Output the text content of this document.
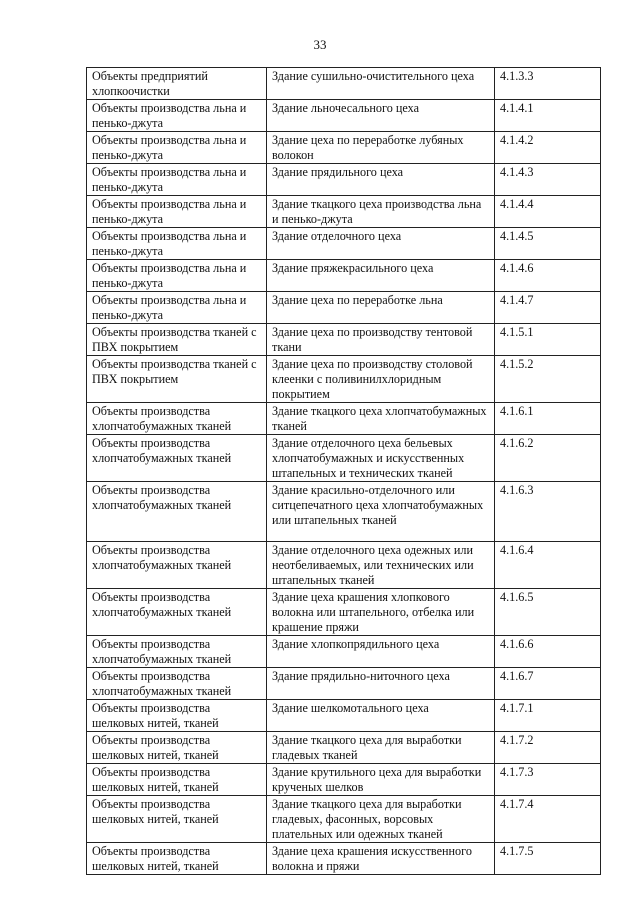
33
Объекты предприятий хлопкоочистки	Здание сушильно-очистительного цеха	4.1.3.3
Объекты производства льна и пенько-джута	Здание льночесального цеха	4.1.4.1
Объекты производства льна и пенько-джута	Здание цеха по переработке лубяных волокон	4.1.4.2
Объекты производства льна и пенько-джута	Здание прядильного цеха	4.1.4.3
Объекты производства льна и пенько-джута	Здание ткацкого цеха производства льна и пенько-джута	4.1.4.4
Объекты производства льна и пенько-джута	Здание отделочного цеха	4.1.4.5
Объекты производства льна и пенько-джута	Здание пряжекрасильного цеха	4.1.4.6
Объекты производства льна и пенько-джута	Здание цеха по переработке льна	4.1.4.7
Объекты производства тканей с ПВХ покрытием	Здание цеха по производству тентовой ткани	4.1.5.1
Объекты производства тканей с ПВХ покрытием	Здание цеха по производству столовой клеенки с поливинилхлоридным покрытием	4.1.5.2
Объекты производства хлопчатобумажных тканей	Здание ткацкого цеха хлопчатобумажных тканей	4.1.6.1
Объекты производства хлопчатобумажных тканей	Здание отделочного цеха бельевых хлопчатобумажных и искусственных штапельных и технических тканей	4.1.6.2
Объекты производства хлопчатобумажных тканей	Здание красильно-отделочного или ситцепечатного цеха хлопчатобумажных или штапельных тканей	4.1.6.3
Объекты производства хлопчатобумажных тканей	Здание отделочного цеха одежных или неотбеливаемых, или технических или штапельных тканей	4.1.6.4
Объекты производства хлопчатобумажных тканей	Здание цеха крашения хлопкового волокна или штапельного, отбелка или крашение пряжи	4.1.6.5
Объекты производства хлопчатобумажных тканей	Здание хлопкопрядильного цеха	4.1.6.6
Объекты производства хлопчатобумажных тканей	Здание прядильно-ниточного цеха	4.1.6.7
Объекты производства шелковых нитей, тканей	Здание шелкомотального цеха	4.1.7.1
Объекты производства шелковых нитей, тканей	Здание ткацкого цеха для выработки гладевых тканей	4.1.7.2
Объекты производства шелковых нитей, тканей	Здание крутильного цеха для выработки крученых шелков	4.1.7.3
Объекты производства шелковых нитей, тканей	Здание ткацкого цеха для выработки гладевых, фасонных, ворсовых плательных или одежных тканей	4.1.7.4
Объекты производства шелковых нитей, тканей	Здание цеха крашения искусственного волокна и пряжи	4.1.7.5
